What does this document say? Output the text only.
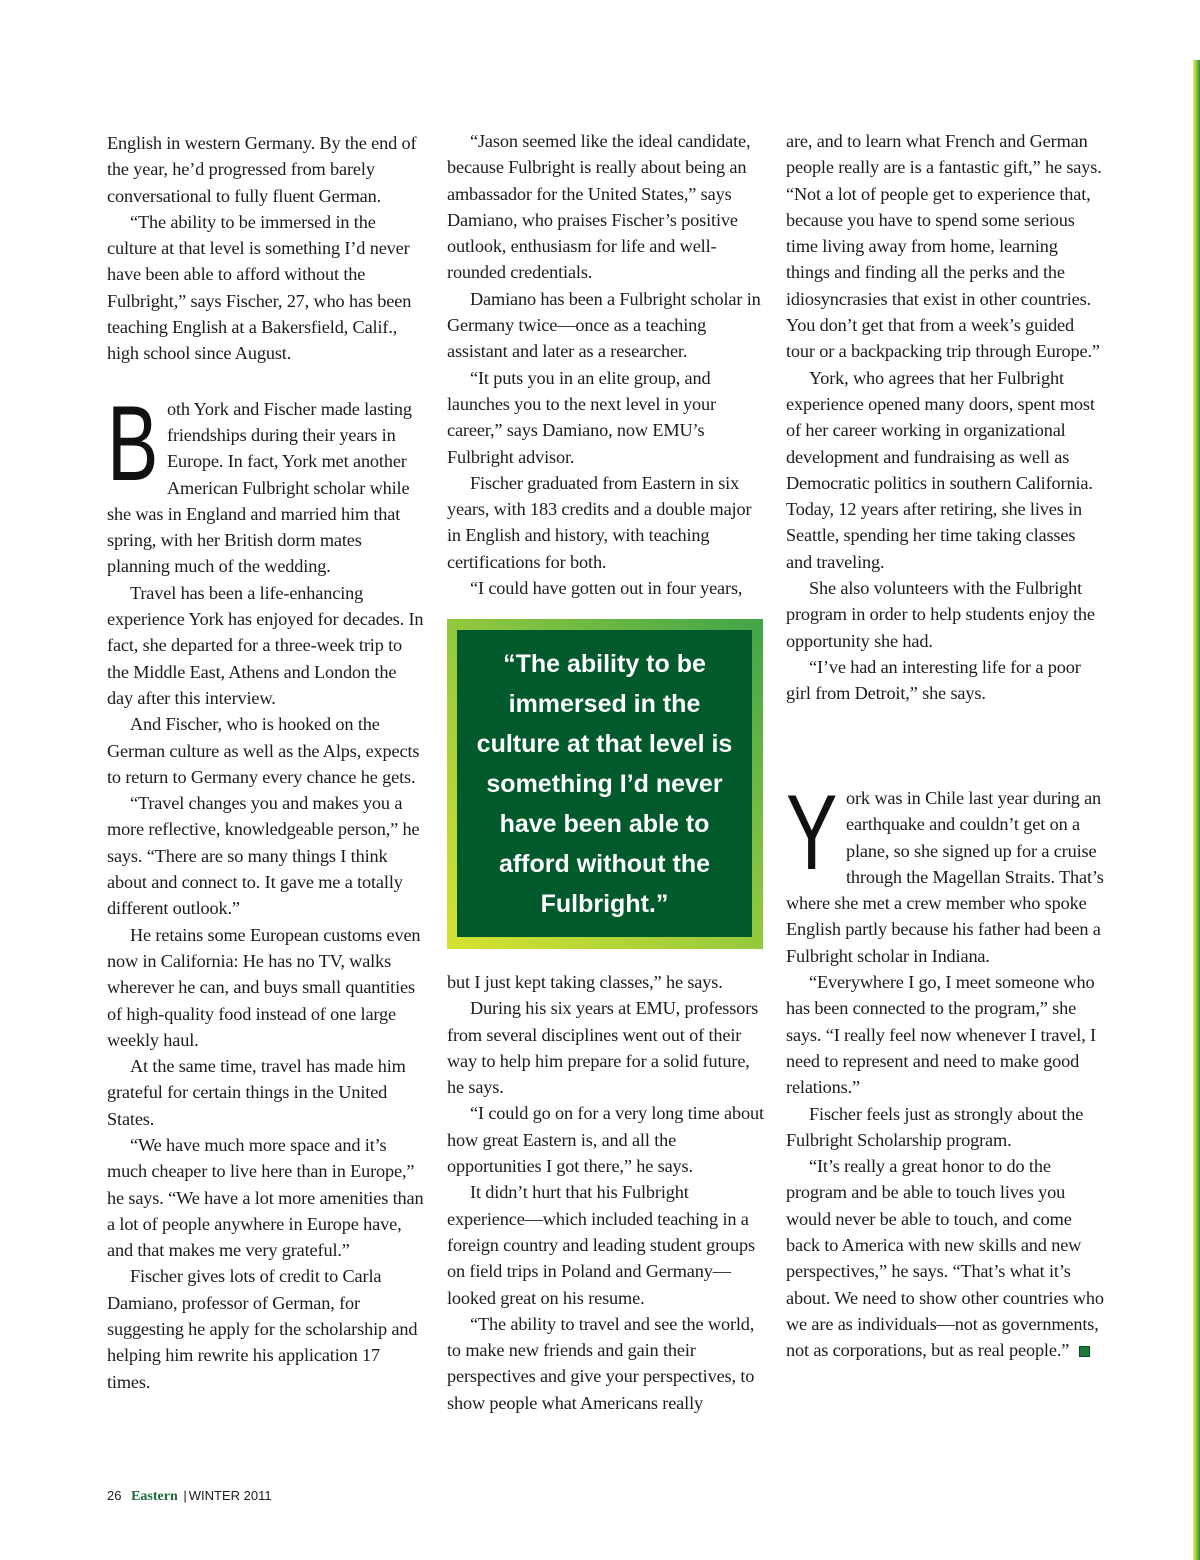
English in western Germany. By the end of the year, he’d progressed from barely conversational to fully fluent German.

“The ability to be immersed in the culture at that level is something I’d never have been able to afford without the Fulbright,” says Fischer, 27, who has been teaching English at a Bakersfield, Calif., high school since August.

Both York and Fischer made lasting friendships during their years in Europe. In fact, York met another American Fulbright scholar while she was in England and married him that spring, with her British dorm mates planning much of the wedding.

Travel has been a life-enhancing experience York has enjoyed for decades. In fact, she departed for a three-week trip to the Middle East, Athens and London the day after this interview.

And Fischer, who is hooked on the German culture as well as the Alps, expects to return to Germany every chance he gets.

“Travel changes you and makes you a more reflective, knowledgeable person,” he says. “There are so many things I think about and connect to. It gave me a totally different outlook.”

He retains some European customs even now in California: He has no TV, walks wherever he can, and buys small quantities of high-quality food instead of one large weekly haul.

At the same time, travel has made him grateful for certain things in the United States.

“We have much more space and it’s much cheaper to live here than in Europe,” he says. “We have a lot more amenities than a lot of people anywhere in Europe have, and that makes me very grateful.”

Fischer gives lots of credit to Carla Damiano, professor of German, for suggesting he apply for the scholarship and helping him rewrite his application 17 times.

“Jason seemed like the ideal candidate, because Fulbright is really about being an ambassador for the United States,” says Damiano, who praises Fischer’s positive outlook, enthusiasm for life and well-rounded credentials.

Damiano has been a Fulbright scholar in Germany twice—once as a teaching assistant and later as a researcher.

“It puts you in an elite group, and launches you to the next level in your career,” says Damiano, now EMU’s Fulbright advisor.

Fischer graduated from Eastern in six years, with 183 credits and a double major in English and history, with teaching certifications for both.

“I could have gotten out in four years,

“The ability to be immersed in the culture at that level is something I’d never have been able to afford without the Fulbright.”

but I just kept taking classes,” he says.

During his six years at EMU, professors from several disciplines went out of their way to help him prepare for a solid future, he says.

“I could go on for a very long time about how great Eastern is, and all the opportunities I got there,” he says.

It didn’t hurt that his Fulbright experience—which included teaching in a foreign country and leading student groups on field trips in Poland and Germany—looked great on his resume.

“The ability to travel and see the world, to make new friends and gain their perspectives and give your perspectives, to show people what Americans really

are, and to learn what French and German people really are is a fantastic gift,” he says. “Not a lot of people get to experience that, because you have to spend some serious time living away from home, learning things and finding all the perks and the idiosyncrasies that exist in other countries. You don’t get that from a week’s guided tour or a backpacking trip through Europe.”

York, who agrees that her Fulbright experience opened many doors, spent most of her career working in organizational development and fundraising as well as Democratic politics in southern California. Today, 12 years after retiring, she lives in Seattle, spending her time taking classes and traveling.

She also volunteers with the Fulbright program in order to help students enjoy the opportunity she had.

“I’ve had an interesting life for a poor girl from Detroit,” she says.

York was in Chile last year during an earthquake and couldn’t get on a plane, so she signed up for a cruise through the Magellan Straits. That’s where she met a crew member who spoke English partly because his father had been a Fulbright scholar in Indiana.

“Everywhere I go, I meet someone who has been connected to the program,” she says. “I really feel now whenever I travel, I need to represent and need to make good relations.”

Fischer feels just as strongly about the Fulbright Scholarship program.

“It’s really a great honor to do the program and be able to touch lives you would never be able to touch, and come back to America with new skills and new perspectives,” he says. “That’s what it’s about. We need to show other countries who we are as individuals—not as governments, not as corporations, but as real people.”

26 Eastern | WINTER 2011
